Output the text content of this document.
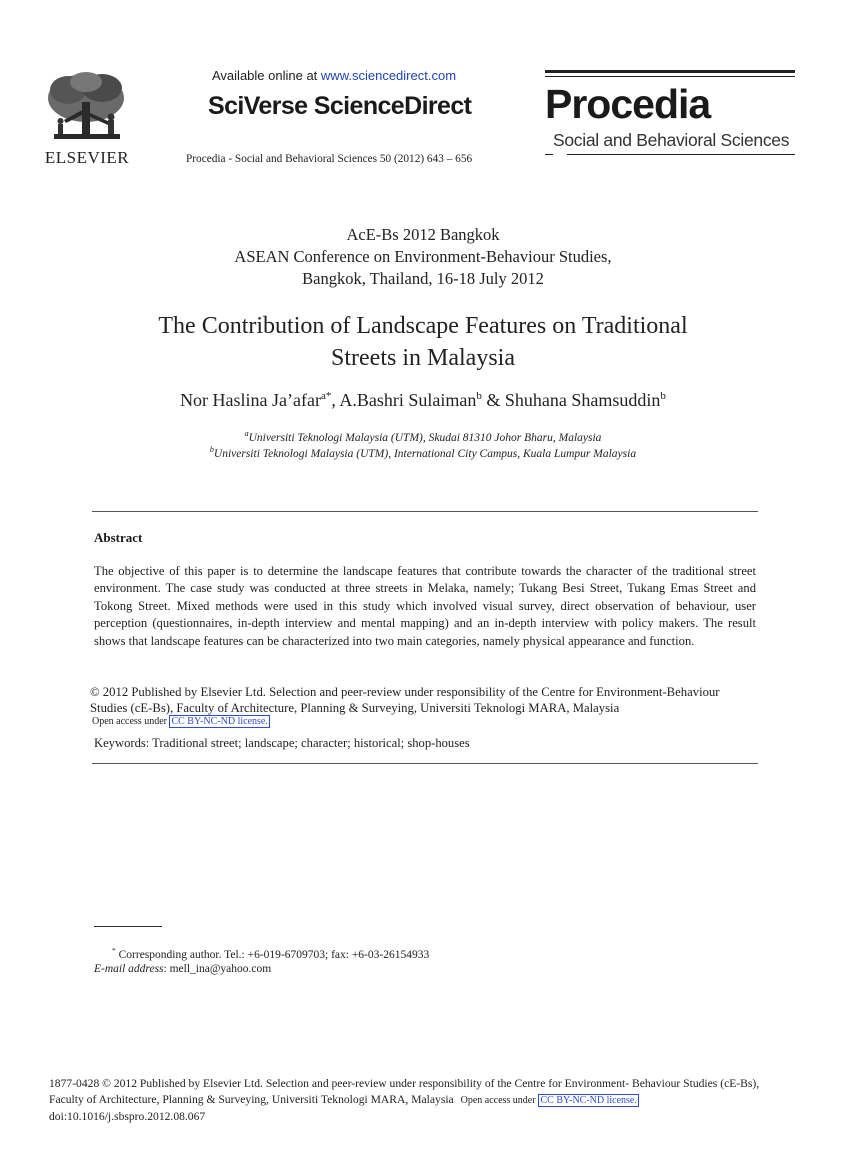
ELSEVIER
Available online at www.sciencedirect.com
SciVerse ScienceDirect
Procedia - Social and Behavioral Sciences 50 (2012) 643 – 656
Procedia
Social and Behavioral Sciences
AcE-Bs 2012 Bangkok
ASEAN Conference on Environment-Behaviour Studies,
Bangkok, Thailand, 16-18 July 2012
The Contribution of Landscape Features on Traditional
Streets in Malaysia
Nor Haslina Ja’afar$^{a*}$, A.Bashri Sulaiman$^b$ & Shuhana Shamsuddin$^b$
$^a$Universiti Teknologi Malaysia (UTM), Skudai 81310 Johor Bharu, Malaysia
$^b$Universiti Teknologi Malaysia (UTM), International City Campus, Kuala Lumpur Malaysia
Abstract
The objective of this paper is to determine the landscape features that contribute towards the character of the traditional street environment. The case study was conducted at three streets in Melaka, namely; Tukang Besi Street, Tukang Emas Street and Tokong Street. Mixed methods were used in this study which involved visual survey, direct observation of behaviour, user perception (questionnaires, in-depth interview and mental mapping) and an in-depth interview with policy makers. The result shows that landscape features can be characterized into two main categories, namely physical appearance and function.
© 2012 Published by Elsevier Ltd. Selection and peer-review under responsibility of the Centre for Environment-Behaviour Studies (cE-Bs), Faculty of Architecture, Planning & Surveying, Universiti Teknologi MARA, Malaysia
Open access under CC BY-NC-ND license.
Keywords: Traditional street; landscape; character; historical; shop-houses
* Corresponding author. Tel.: +6-019-6709703; fax: +6-03-26154933
E-mail address: mell_ina@yahoo.com
1877-0428 © 2012 Published by Elsevier Ltd. Selection and peer-review under responsibility of the Centre for Environment- Behaviour Studies (cE-Bs),
Faculty of Architecture, Planning & Surveying, Universiti Teknologi MARA, Malaysia Open access under CC BY-NC-ND license.
doi:10.1016/j.sbspro.2012.08.067
